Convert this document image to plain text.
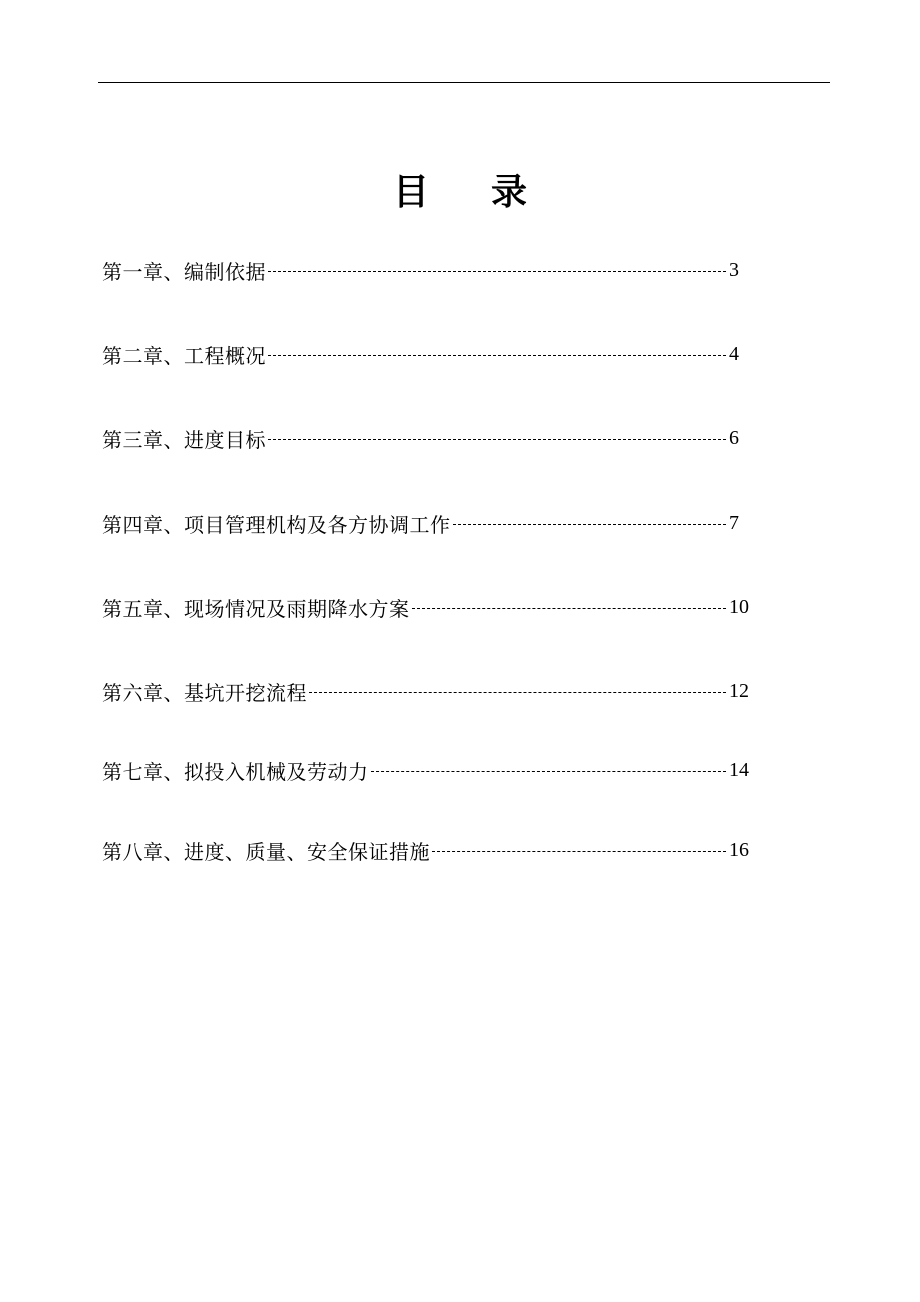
目 录
第一章、编制依据	3
第二章、工程概况	4
第三章、进度目标	6
第四章、项目管理机构及各方协调工作	7
第五章、现场情况及雨期降水方案	10
第六章、基坑开挖流程	12
第七章、拟投入机械及劳动力	14
第八章、进度、质量、安全保证措施	16
